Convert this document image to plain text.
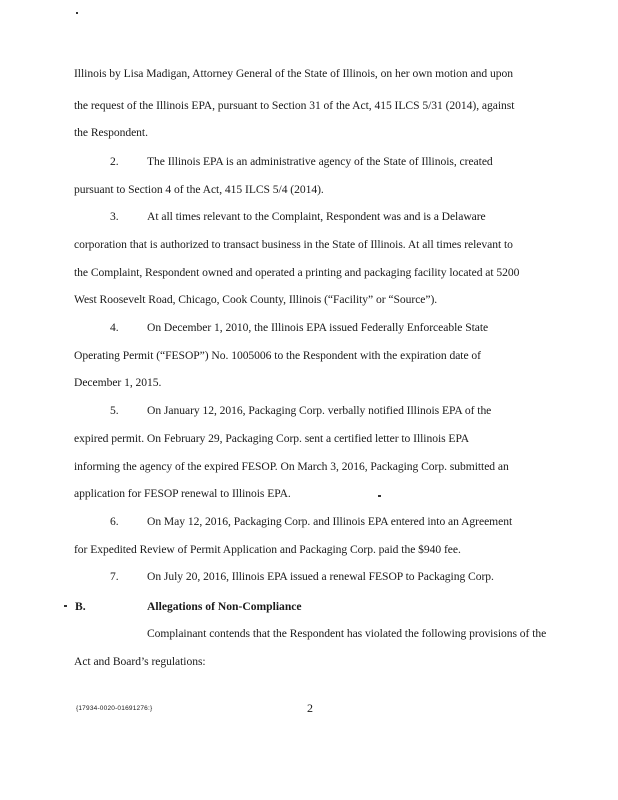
Illinois by Lisa Madigan, Attorney General of the State of Illinois, on her own motion and upon
the request of the Illinois EPA, pursuant to Section 31 of the Act, 415 ILCS 5/31 (2014), against
the Respondent.
2. The Illinois EPA is an administrative agency of the State of Illinois, created
pursuant to Section 4 of the Act, 415 ILCS 5/4 (2014).
3. At all times relevant to the Complaint, Respondent was and is a Delaware
corporation that is authorized to transact business in the State of Illinois. At all times relevant to
the Complaint, Respondent owned and operated a printing and packaging facility located at 5200
West Roosevelt Road, Chicago, Cook County, Illinois (“Facility” or “Source”).
4. On December 1, 2010, the Illinois EPA issued Federally Enforceable State
Operating Permit (“FESOP”) No. 1005006 to the Respondent with the expiration date of
December 1, 2015.
5. On January 12, 2016, Packaging Corp. verbally notified Illinois EPA of the
expired permit. On February 29, Packaging Corp. sent a certified letter to Illinois EPA
informing the agency of the expired FESOP. On March 3, 2016, Packaging Corp. submitted an
application for FESOP renewal to Illinois EPA.
6. On May 12, 2016, Packaging Corp. and Illinois EPA entered into an Agreement
for Expedited Review of Permit Application and Packaging Corp. paid the $940 fee.
7. On July 20, 2016, Illinois EPA issued a renewal FESOP to Packaging Corp.
B.	Allegations of Non-Compliance
Complainant contends that the Respondent has violated the following provisions of the
Act and Board’s regulations:
{17934-0020-01691276:}	2
